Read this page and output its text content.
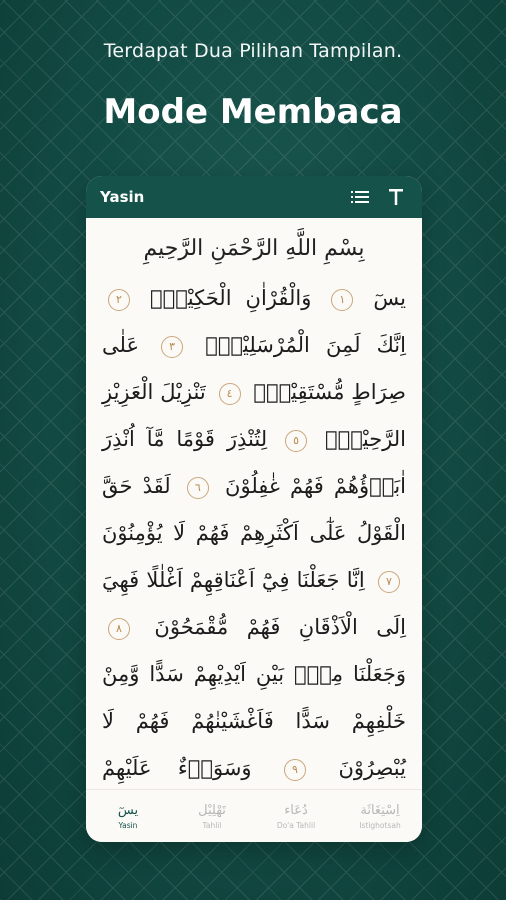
Terdapat Dua Pilihan Tampilan.
Mode Membaca
Yasin
بِسْمِ اللَّهِ الرَّحْمَنِ الرَّحِيمِ
يسٓ ١ وَالْقُرْاٰنِ الْحَكِيْمِۙ ٢ اِنَّكَ لَمِنَ الْمُرْسَلِيْنَۙ ٣ عَلٰى صِرَاطٍ مُّسْتَقِيْمٍۗ ٤ تَنْزِيْلَ الْعَزِيْزِ الرَّحِيْمِۙ ٥ لِتُنْذِرَ قَوْمًا مَّآ اُنْذِرَ اٰبَاۤؤُهُمْ فَهُمْ غٰفِلُوْنَ ٦ لَقَدْ حَقَّ الْقَوْلُ عَلٰٓى اَكْثَرِهِمْ فَهُمْ لَا يُؤْمِنُوْنَ ٧ اِنَّا جَعَلْنَا فِيْٓ اَعْنَاقِهِمْ اَغْلٰلًا فَهِيَ اِلَى الْاَذْقَانِ فَهُمْ مُّقْمَحُوْنَ ٨ وَجَعَلْنَا مِنْۢ بَيْنِ اَيْدِيْهِمْ سَدًّا وَّمِنْ خَلْفِهِمْ سَدًّا فَاَغْشَيْنٰهُمْ فَهُمْ لَا يُبْصِرُوْنَ ٩ وَسَوَاۤءٌ عَلَيْهِمْ
يسٓ
Yasin
تَهْلِيْل
Tahlil
دُعَاء
Do'a Tahlil
اِسْتِغَاثَة
Istighotsah
